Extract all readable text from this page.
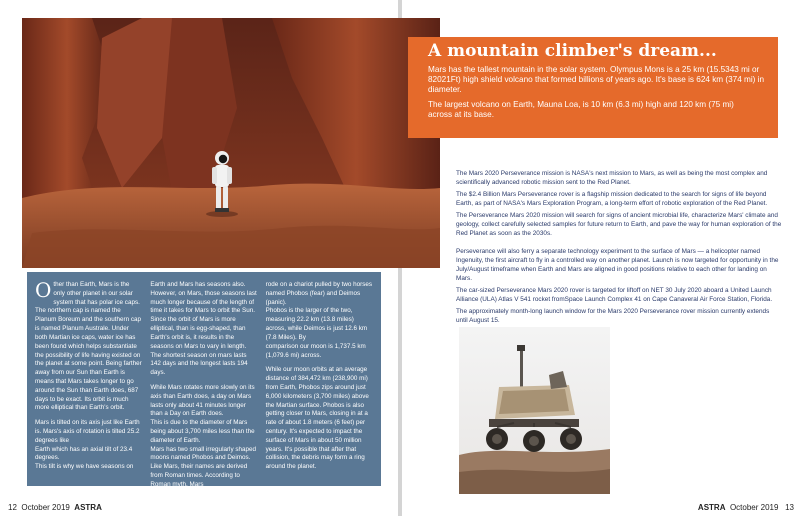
Other than Earth, Mars is the only other planet in our solar system that has polar ice caps.
The northern cap is named the Planum Boreum and the southern cap is named Planum Australe. Under both Martian ice caps, water ice has been found which helps substantiate
the possibility of life having existed on the planet at some point. Being farther away from our Sun than Earth is means that Mars takes longer to go around the Sun than Earth does, 687
days to be exact. Its orbit is much more elliptical than Earth's orbit.

Mars is tilted on its axis just like Earth is. Mars's axis of rotation is tilted 25.2 degrees like
Earth which has an axial tilt of 23.4 degrees.
This tilt is why we have seasons on

Earth and Mars has seasons also. However, on Mars, those seasons last much longer because of the length of time it takes for Mars to orbit the Sun. Since the orbit of Mars is more elliptical, than is egg-shaped, than Earth's orbit is, it results in the seasons on Mars to vary in length. The shortest season on mars lasts 142 days and the longest lasts 194 days.

While Mars rotates more slowly on its axis than Earth does, a day on Mars lasts only about 41 minutes longer than a Day on Earth does.
This is due to the diameter of Mars being about 3,700 miles less than the diameter of Earth.
Mars has two small irregularly shaped moons named Phobos and Deimos. Like Mars, their names are derived from Roman times. According to Roman myth, Mars

rode on a chariot pulled by two horses named Phobos (fear) and Deimos (panic).
Phobos is the larger of the two, measuring 22.2 km (13.8 miles) across, while Deimos is just 12.6 km (7.8 Miles). By
comparison our moon is 1,737.5 km (1,079.6 mi) across.

While our moon orbits at an average distance of 384,472 km (238,900 mi) from Earth, Phobos zips around just 6,000 kilometers (3,700 miles) above the Martian surface. Phobos is also getting closer to Mars, closing in at a rate of about 1.8 meters (6 feet) per century. It's expected to impact the surface of Mars in about 50 million years. It's possible that after that collision, the debris may form a ring around the planet.

12 October 2019 ASTRA	ASTRA October 2019 13
A mountain climber's dream...

Mars has the tallest mountain in the solar system. Olympus Mons is a 25 km (15.5343 mi or 82021Ft) high shield volcano that formed billions of years ago. It's base is 624 km (374 mi) in diameter.

The largest volcano on Earth, Mauna Loa, is 10 km (6.3 mi) high and 120 km (75 mi)
across at its base.

The Mars 2020 Perseverance mission is NASA's next mission to Mars, as well as being the most complex and scientifically advanced robotic mission sent to the Red Planet.

The $2.4 Billion Mars Perseverance rover is a flagship mission dedicated to the search for signs of life beyond Earth, as part of NASA's Mars Exploration Program, a long-term effort of robotic exploration of the Red Planet.

The Perseverance Mars 2020 mission will search for signs of ancient microbial life, characterize Mars' climate and geology, collect carefully selected samples for future return to Earth, and pave the way for human exploration of the Red Planet as soon as the 2030s.

Perseverance will also ferry a separate technology experiment to the surface of Mars — a helicopter named Ingenuity, the first aircraft to fly in a controlled way on another planet. Launch is now targeted for opportunity in the July/August timeframe when Earth and Mars are aligned in good positions relative to each other for landing on Mars.

The car-sized Perseverance Mars 2020 rover is targeted for liftoff on NET 30 July 2020 aboard a United Launch Alliance (ULA) Atlas V 541 rocket fromSpace Launch Complex 41 on Cape Canaveral Air Force Station, Florida.

The approximately month-long launch window for the Mars 2020 Perseverance rover mission currently extends until August 15.
